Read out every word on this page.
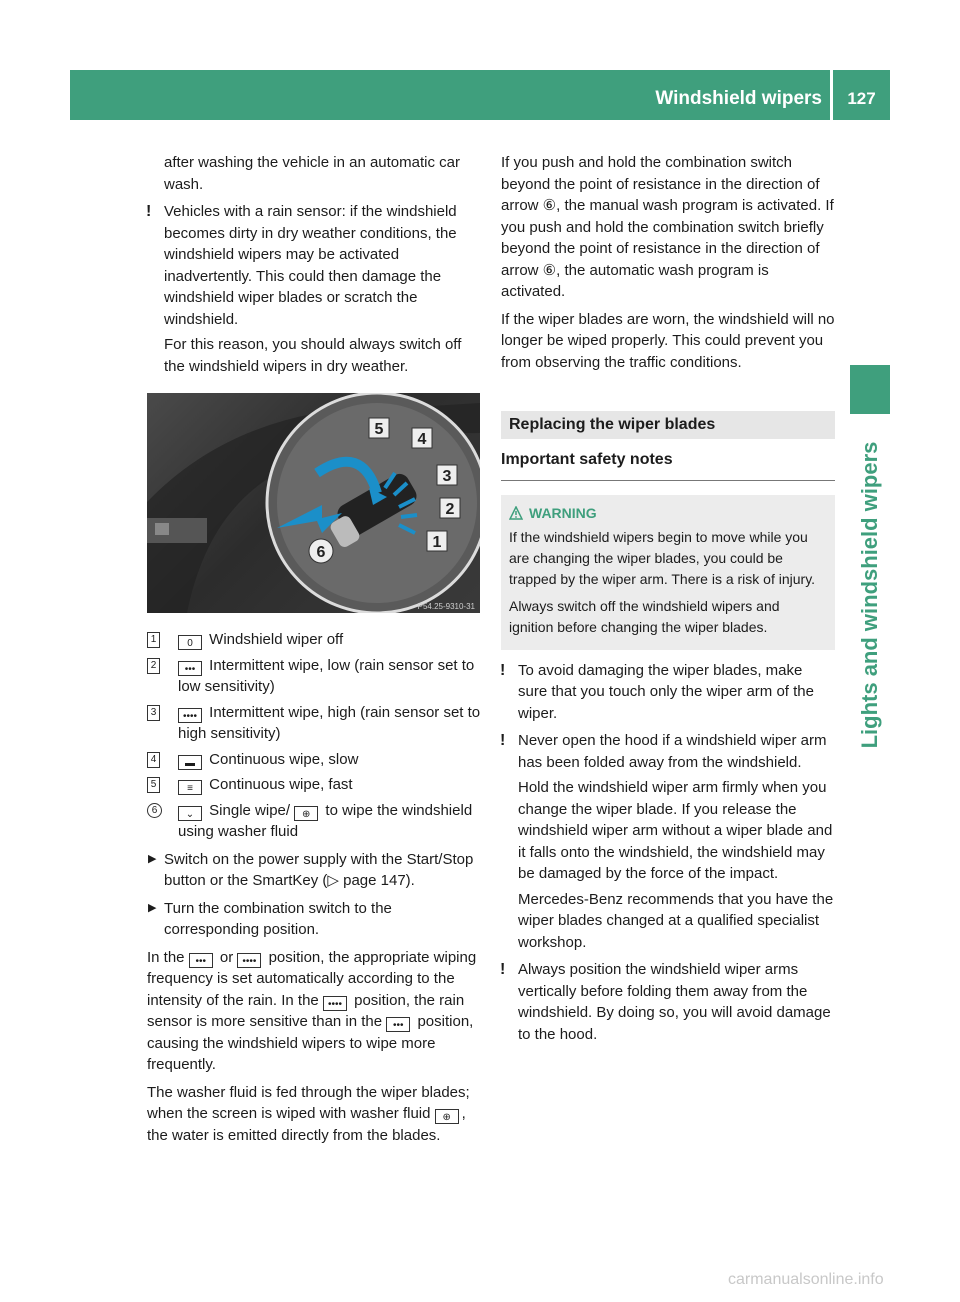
Windshield wipers	127
Lights and windshield wipers

after washing the vehicle in an automatic car wash.

! Vehicles with a rain sensor: if the windshield becomes dirty in dry weather conditions, the windshield wipers may be activated inadvertently. This could then damage the windshield wiper blades or scratch the windshield.
For this reason, you should always switch off the windshield wipers in dry weather.
5
4
3
2
1
6
P54.25-9310-31
1	0 Windshield wiper off
2	••• Intermittent wipe, low (rain sensor set to low sensitivity)
3	•••• Intermittent wipe, high (rain sensor set to high sensitivity)
4	▬ Continuous wipe, slow
5	≡ Continuous wipe, fast
6	⌄ Single wipe/ ⊕ to wipe the windshield using washer fluid
▶ Switch on the power supply with the Start/Stop button or the SmartKey (▷ page 147).
▶ Turn the combination switch to the corresponding position.

In the ••• or •••• position, the appropriate wiping frequency is set automatically according to the intensity of the rain. In the •••• position, the rain sensor is more sensitive than in the ••• position, causing the windshield wipers to wipe more frequently.

The washer fluid is fed through the wiper blades; when the screen is wiped with washer fluid ⊕ , the water is emitted directly from the blades.

If you push and hold the combination switch beyond the point of resistance in the direction of arrow ⑥, the manual wash program is activated. If you push and hold the combination switch briefly beyond the point of resistance in the direction of arrow ⑥, the automatic wash program is activated.

If the wiper blades are worn, the windshield will no longer be wiped properly. This could prevent you from observing the traffic conditions.

Replacing the wiper blades
Important safety notes
WARNING

If the windshield wipers begin to move while you are changing the wiper blades, you could be trapped by the wiper arm. There is a risk of injury.

Always switch off the windshield wipers and ignition before changing the wiper blades.

! To avoid damaging the wiper blades, make sure that you touch only the wiper arm of the wiper.
! Never open the hood if a windshield wiper arm has been folded away from the windshield.
Hold the windshield wiper arm firmly when you change the wiper blade. If you release the windshield wiper arm without a wiper blade and it falls onto the windshield, the windshield may be damaged by the force of the impact.
Mercedes-Benz recommends that you have the wiper blades changed at a qualified specialist workshop.
! Always position the windshield wiper arms vertically before folding them away from the windshield. By doing so, you will avoid damage to the hood.
carmanualsonline.info
